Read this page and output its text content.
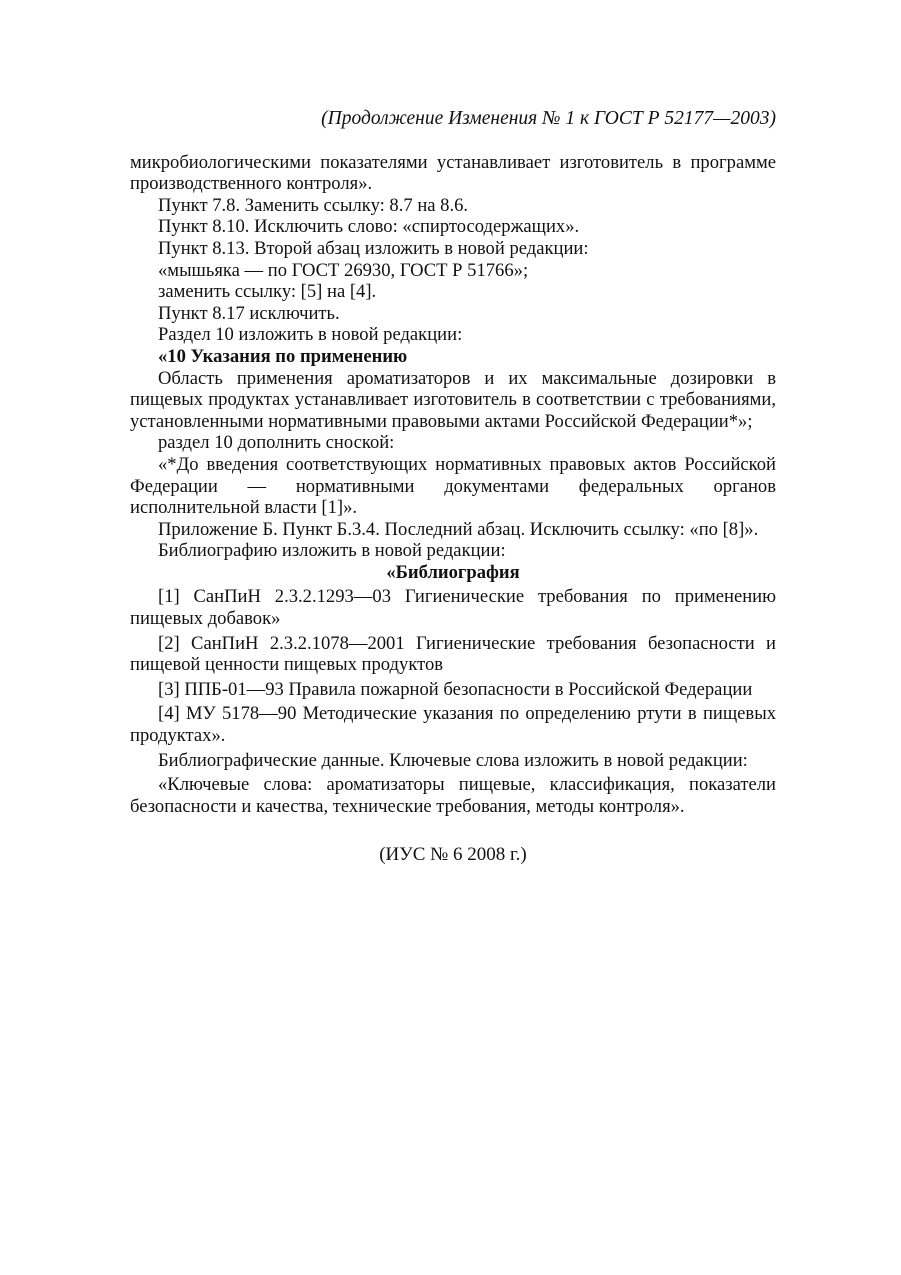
(Продолжение Изменения № 1 к ГОСТ Р 52177—2003)

микробиологическими показателями устанавливает изготовитель в программе производственного контроля».

Пункт 7.8. Заменить ссылку: 8.7 на 8.6.

Пункт 8.10. Исключить слово: «спиртосодержащих».

Пункт 8.13. Второй абзац изложить в новой редакции:

«мышьяка — по ГОСТ 26930, ГОСТ Р 51766»;

заменить ссылку: [5] на [4].

Пункт 8.17 исключить.

Раздел 10 изложить в новой редакции:

«10 Указания по применению

Область применения ароматизаторов и их максимальные дозировки в пищевых продуктах устанавливает изготовитель в соответствии с требованиями, установленными нормативными правовыми актами Российской Федерации*»;

раздел 10 дополнить сноской:

«*До введения соответствующих нормативных правовых актов Российской Федерации — нормативными документами федеральных органов исполнительной власти [1]».

Приложение Б. Пункт Б.3.4. Последний абзац. Исключить ссылку: «по [8]».

Библиографию изложить в новой редакции:

«Библиография

[1] СанПиН 2.3.2.1293—03 Гигиенические требования по применению пищевых добавок»

[2] СанПиН 2.3.2.1078—2001 Гигиенические требования безопасности и пищевой ценности пищевых продуктов

[3] ППБ-01—93 Правила пожарной безопасности в Российской Федерации

[4] МУ 5178—90 Методические указания по определению ртути в пищевых продуктах».

Библиографические данные. Ключевые слова изложить в новой редакции:

«Ключевые слова: ароматизаторы пищевые, классификация, показатели безопасности и качества, технические требования, методы контроля».

(ИУС № 6 2008 г.)
